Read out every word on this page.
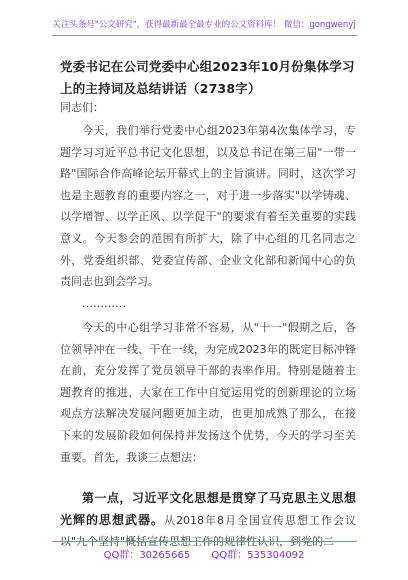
关注头条号"公文研究"，获得最新最全最专业的公文资料库！ 微信：gongwenyj
党委书记在公司党委中心组2023年10月份集体学习上的主持词及总结讲话（2738字）
同志们：
今天，我们举行党委中心组2023年第4次集体学习，专题学习习近平总书记文化思想，以及总书记在第三届"一带一路"国际合作高峰论坛开幕式上的主旨演讲。同时，这次学习也是主题教育的重要内容之一，对于进一步落实"以学铸魂、以学增智、以学正风、以学促干"的要求有着至关重要的实践意义。今天参会的范围有所扩大，除了中心组的几名同志之外，党委组织部、党委宣传部、企业文化部和新闻中心的负责同志也到会学习。
…………
今天的中心组学习非常不容易，从"十一"假期之后，各位领导冲在一线、干在一线，为完成2023年的既定目标冲锋在前，充分发挥了党员领导干部的表率作用。特别是随着主题教育的推进，大家在工作中自觉运用党的创新理论的立场观点方法解决发展问题更加主动，也更加成熟了那么，在接下来的发展阶段如何保持并发扬这个优势，今天的学习至关重要。首先，我谈三点想法：
第一点，习近平文化思想是贯穿了马克思主义思想光辉的思想武器。从2018年8月全国宣传思想工作会议
QQ群：30265665 QQ群：535304092
